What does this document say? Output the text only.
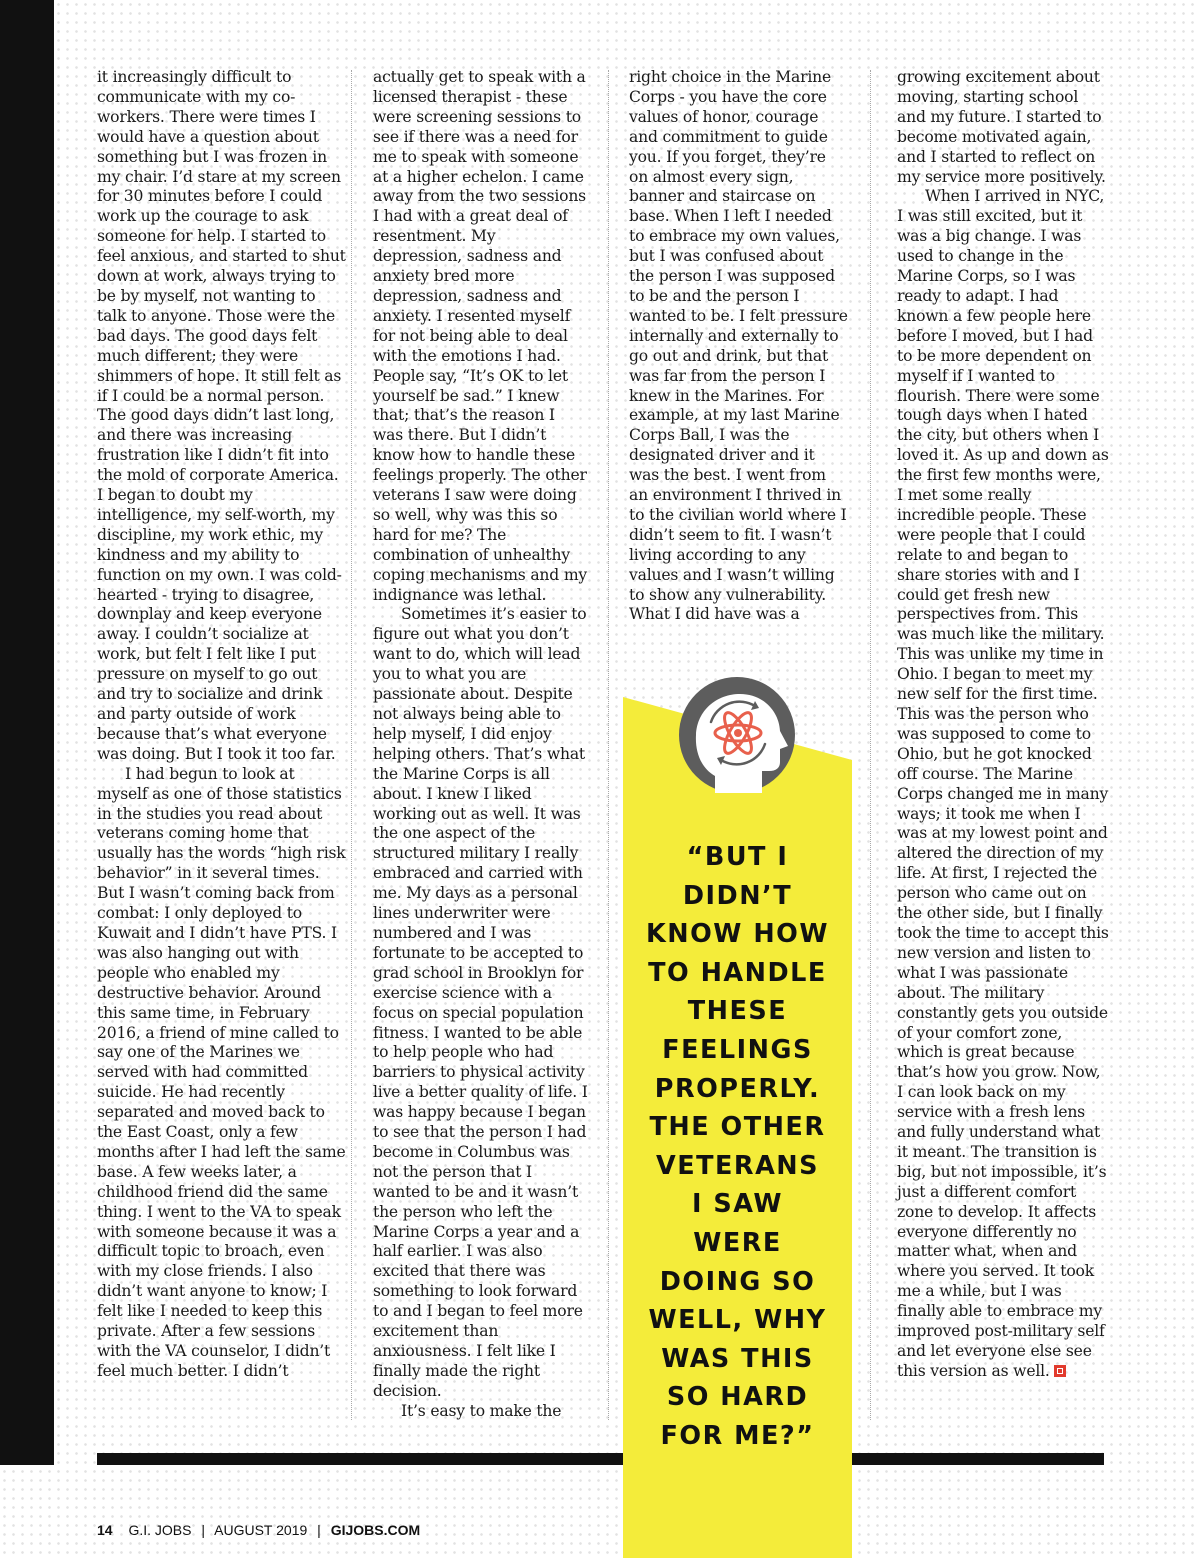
it increasingly difficult to communicate with my co-workers. There were times I would have a question about something but I was frozen in my chair. I’d stare at my screen for 30 minutes before I could work up the courage to ask someone for help. I started to feel anxious, and started to shut down at work, always trying to be by myself, not wanting to talk to anyone. Those were the bad days. The good days felt much different; they were shimmers of hope. It still felt as if I could be a normal person. The good days didn’t last long, and there was increasing frustration like I didn’t fit into the mold of corporate America. I began to doubt my intelligence, my self-worth, my discipline, my work ethic, my kindness and my ability to function on my own. I was cold-hearted - trying to disagree, downplay and keep everyone away. I couldn’t socialize at work, but felt I felt like I put pressure on myself to go out and try to socialize and drink and party outside of work because that’s what everyone was doing. But I took it too far.

I had begun to look at myself as one of those statistics in the studies you read about veterans coming home that usually has the words “high risk behavior” in it several times. But I wasn’t coming back from combat: I only deployed to Kuwait and I didn’t have PTS. I was also hanging out with people who enabled my destructive behavior. Around this same time, in February 2016, a friend of mine called to say one of the Marines we served with had committed suicide. He had recently separated and moved back to the East Coast, only a few months after I had left the same base. A few weeks later, a childhood friend did the same thing. I went to the VA to speak with someone because it was a difficult topic to broach, even with my close friends. I also didn’t want anyone to know; I felt like I needed to keep this private. After a few sessions with the VA counselor, I didn’t feel much better. I didn’t

actually get to speak with a licensed therapist - these were screening sessions to see if there was a need for me to speak with someone at a higher echelon. I came away from the two sessions I had with a great deal of resentment. My depression, sadness and anxiety bred more depression, sadness and anxiety. I resented myself for not being able to deal with the emotions I had. People say, “It’s OK to let yourself be sad.” I knew that; that’s the reason I was there. But I didn’t know how to handle these feelings properly. The other veterans I saw were doing so well, why was this so hard for me? The combination of unhealthy coping mechanisms and my indignance was lethal.

Sometimes it’s easier to figure out what you don’t want to do, which will lead you to what you are passionate about. Despite not always being able to help myself, I did enjoy helping others. That’s what the Marine Corps is all about. I knew I liked working out as well. It was the one aspect of the structured military I really embraced and carried with me. My days as a personal lines underwriter were numbered and I was fortunate to be accepted to grad school in Brooklyn for exercise science with a focus on special population fitness. I wanted to be able to help people who had barriers to physical activity live a better quality of life. I was happy because I began to see that the person I had become in Columbus was not the person that I wanted to be and it wasn’t the person who left the Marine Corps a year and a half earlier. I was also excited that there was something to look forward to and I began to feel more excitement than anxiousness. I felt like I finally made the right decision.

It’s easy to make the

right choice in the Marine Corps - you have the core values of honor, courage and commitment to guide you. If you forget, they’re on almost every sign, banner and staircase on base. When I left I needed to embrace my own values, but I was confused about the person I was supposed to be and the person I wanted to be. I felt pressure internally and externally to go out and drink, but that was far from the person I knew in the Marines. For example, at my last Marine Corps Ball, I was the designated driver and it was the best. I went from an environment I thrived in to the civilian world where I didn’t seem to fit. I wasn’t living according to any values and I wasn’t willing to show any vulnerability. What I did have was a

growing excitement about moving, starting school and my future. I started to become motivated again, and I started to reflect on my service more positively.

When I arrived in NYC, I was still excited, but it was a big change. I was used to change in the Marine Corps, so I was ready to adapt. I had known a few people here before I moved, but I had to be more dependent on myself if I wanted to flourish. There were some tough days when I hated the city, but others when I loved it. As up and down as the first few months were, I met some really incredible people. These were people that I could relate to and began to share stories with and I could get fresh new perspectives from. This was much like the military. This was unlike my time in Ohio. I began to meet my new self for the first time. This was the person who was supposed to come to Ohio, but he got knocked off course. The Marine Corps changed me in many ways; it took me when I was at my lowest point and altered the direction of my life. At first, I rejected the person who came out on the other side, but I finally took the time to accept this new version and listen to what I was passionate about. The military constantly gets you outside of your comfort zone, which is great because that’s how you grow. Now, I can look back on my service with a fresh lens and fully understand what it meant. The transition is big, but not impossible, it’s just a different comfort zone to develop. It affects everyone differently no matter what, when and where you served. It took me a while, but I was finally able to embrace my improved post-military self and let everyone else see this version as well.

“BUT I
DIDN’T
KNOW HOW
TO HANDLE
THESE
FEELINGS
PROPERLY.
THE OTHER
VETERANS
I SAW
WERE
DOING SO
WELL, WHY
WAS THIS
SO HARD
FOR ME?”
14 G.I. JOBS | AUGUST 2019 | GIJOBS.COM
